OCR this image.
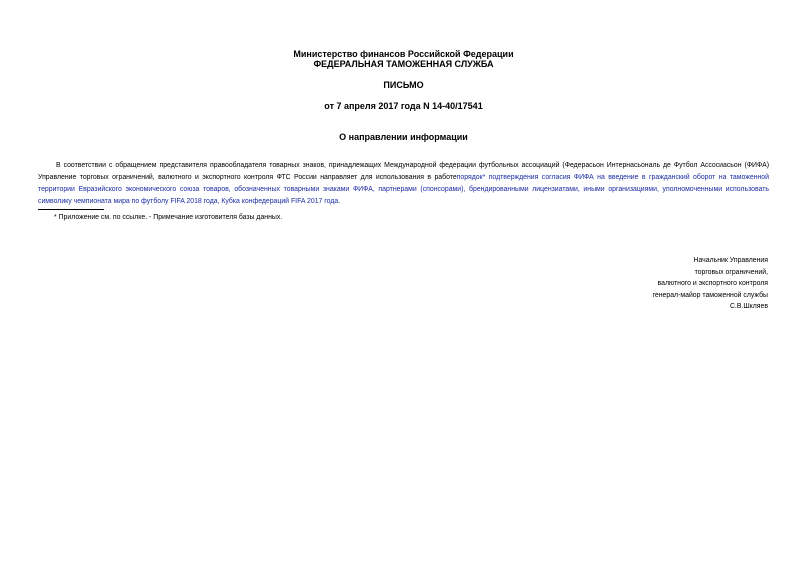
Министерство финансов Российской Федерации
ФЕДЕРАЛЬНАЯ ТАМОЖЕННАЯ СЛУЖБА
ПИСЬМО
от 7 апреля 2017 года N 14-40/17541
О направлении информации
В соответствии с обращением представителя правообладателя товарных знаков, принадлежащих Международной федерации футбольных ассоциаций (Федерасьон Интернасьональ де Футбол Ассосиасьон (ФИФА) Управление торговых ограничений, валютного и экспортного контроля ФТС России направляет для использования в работепорядок* подтверждения согласия ФИФА на введение в гражданский оборот на таможенной территории Евразийского экономического союза товаров, обозначенных товарными знаками ФИФА, партнерами (спонсорами), брендированными лицензиатами, иными организациями, уполномоченными использовать символику чемпионата мира по футболу FIFA 2018 года, Кубка конфедераций FIFA 2017 года.
* Приложение см. по ссылке. - Примечание изготовителя базы данных.
Начальник Управления
торговых ограничений,
валютного и экспортного контроля
генерал-майор таможенной службы
С.В.Шкляев
